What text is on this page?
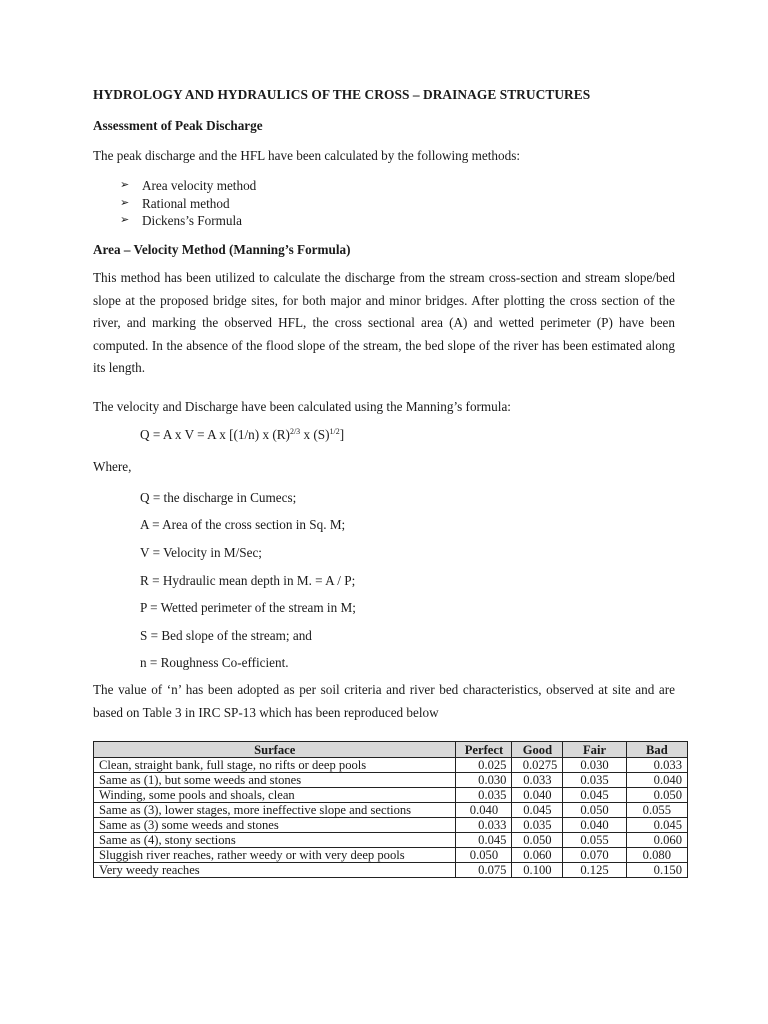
HYDROLOGY AND HYDRAULICS OF THE CROSS – DRAINAGE STRUCTURES
Assessment of Peak Discharge

The peak discharge and the HFL have been calculated by the following methods:

➢ Area velocity method
➢ Rational method
➢ Dickens’s Formula
Area – Velocity Method (Manning’s Formula)

This method has been utilized to calculate the discharge from the stream cross-section and stream slope/bed slope at the proposed bridge sites, for both major and minor bridges. After plotting the cross section of the river, and marking the observed HFL, the cross sectional area (A) and wetted perimeter (P) have been computed. In the absence of the flood slope of the stream, the bed slope of the river has been estimated along its length.

The velocity and Discharge have been calculated using the Manning’s formula:

Q = A x V = A x [(1/n) x $(R)^{2/3}$ x $(S)^{1/2}$]

Where,

Q = the discharge in Cumecs;

A = Area of the cross section in Sq. M;

V = Velocity in M/Sec;

R = Hydraulic mean depth in M. = A / P;

P = Wetted perimeter of the stream in M;

S = Bed slope of the stream; and

n = Roughness Co-efficient.

The value of ‘n’ has been adopted as per soil criteria and river bed characteristics, observed at site and are based on Table 3 in IRC SP-13 which has been reproduced below

Surface	Perfect	Good	Fair	Bad
Clean, straight bank, full stage, no rifts or deep pools	0.025	0.0275	0.030	0.033
Same as (1), but some weeds and stones	0.030	0.033	0.035	0.040
Winding, some pools and shoals, clean	0.035	0.040	0.045	0.050
Same as (3), lower stages, more ineffective slope and sections	0.040	0.045	0.050	0.055
Same as (3) some weeds and stones	0.033	0.035	0.040	0.045
Same as (4), stony sections	0.045	0.050	0.055	0.060
Sluggish river reaches, rather weedy or with very deep pools	0.050	0.060	0.070	0.080
Very weedy reaches	0.075	0.100	0.125	0.150
